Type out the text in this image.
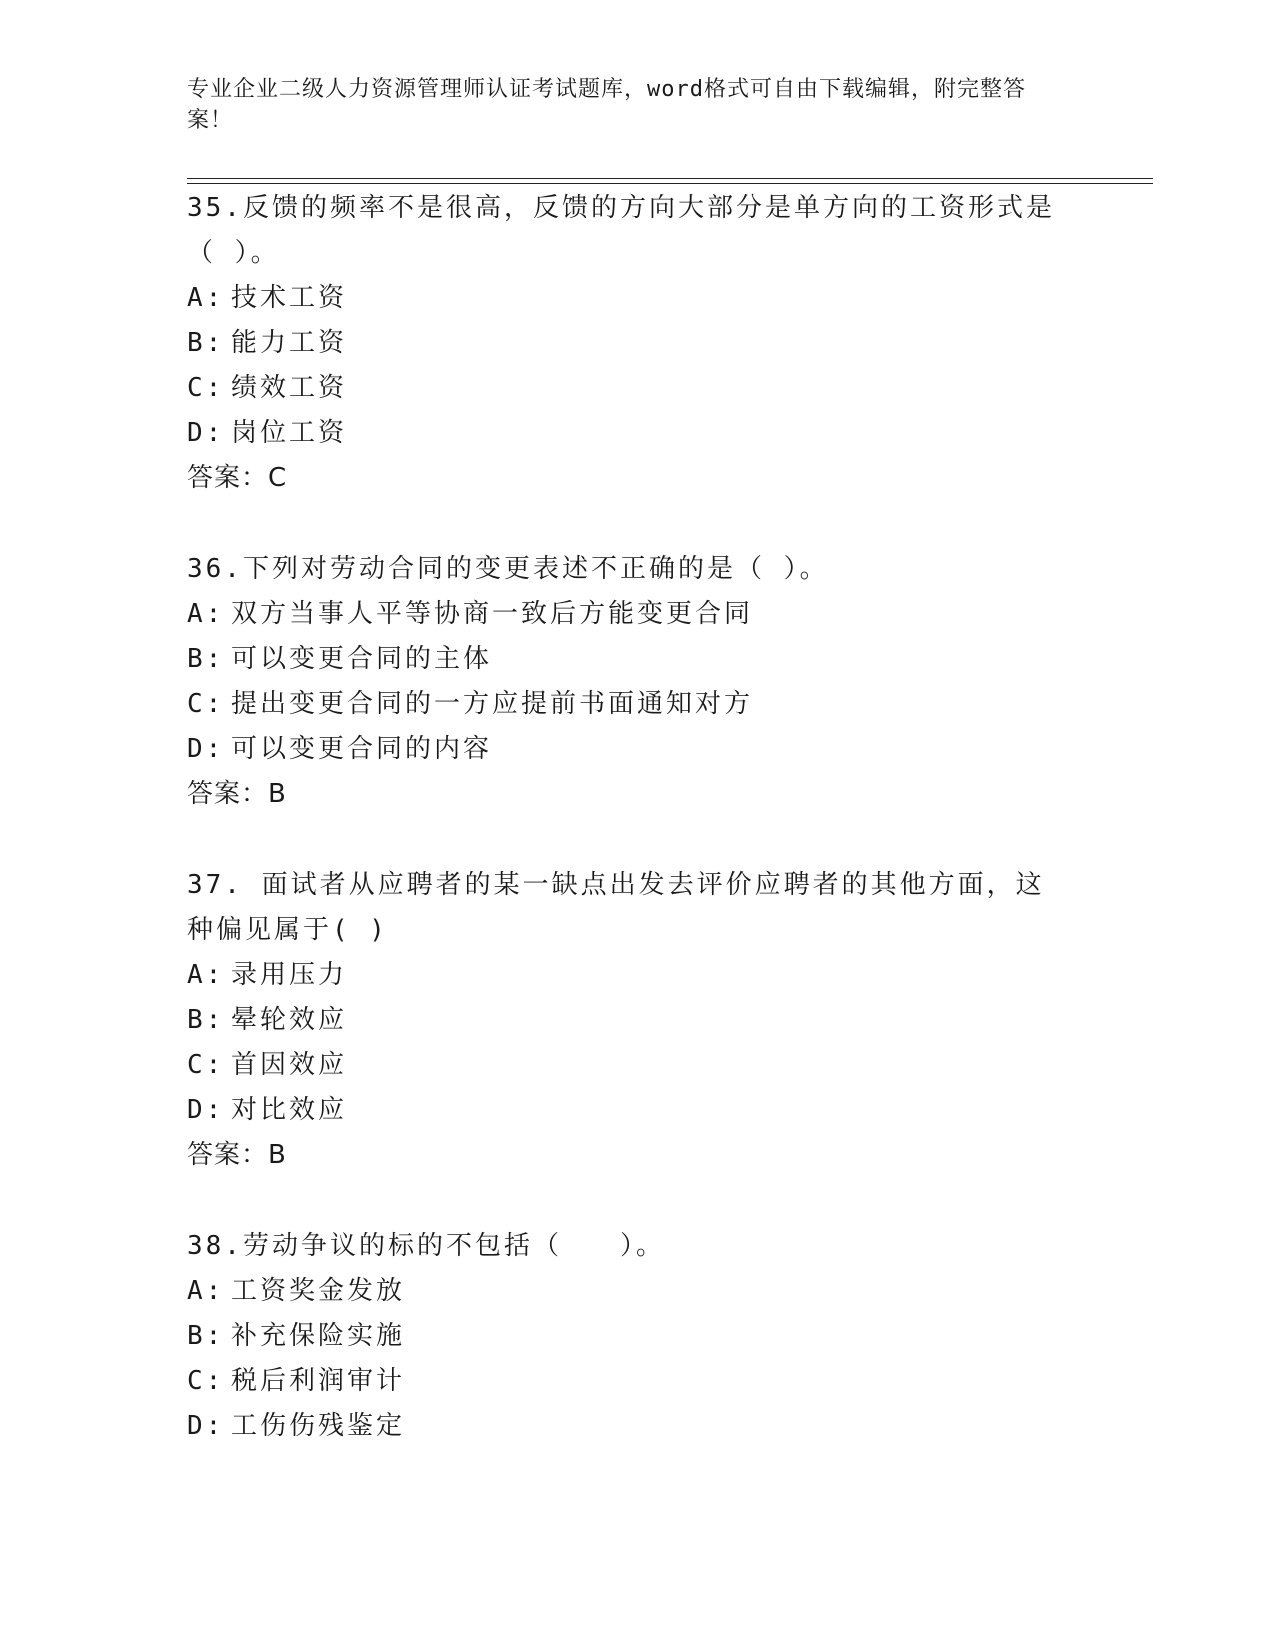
专业企业二级人力资源管理师认证考试题库，word格式可自由下载编辑，附完整答案！
35.反馈的频率不是很高，反馈的方向大部分是单方向的工资形式是（ ）。
A: 技术工资
B: 能力工资
C: 绩效工资
D: 岗位工资
答案：C
36.下列对劳动合同的变更表述不正确的是（ ）。
A: 双方当事人平等协商一致后方能变更合同
B: 可以变更合同的主体
C: 提出变更合同的一方应提前书面通知对方
D: 可以变更合同的内容
答案：B
37. 面试者从应聘者的某一缺点出发去评价应聘者的其他方面，这种偏见属于( )
A: 录用压力
B: 晕轮效应
C: 首因效应
D: 对比效应
答案：B
38.劳动争议的标的不包括（　　）。
A: 工资奖金发放
B: 补充保险实施
C: 税后利润审计
D: 工伤伤残鉴定
